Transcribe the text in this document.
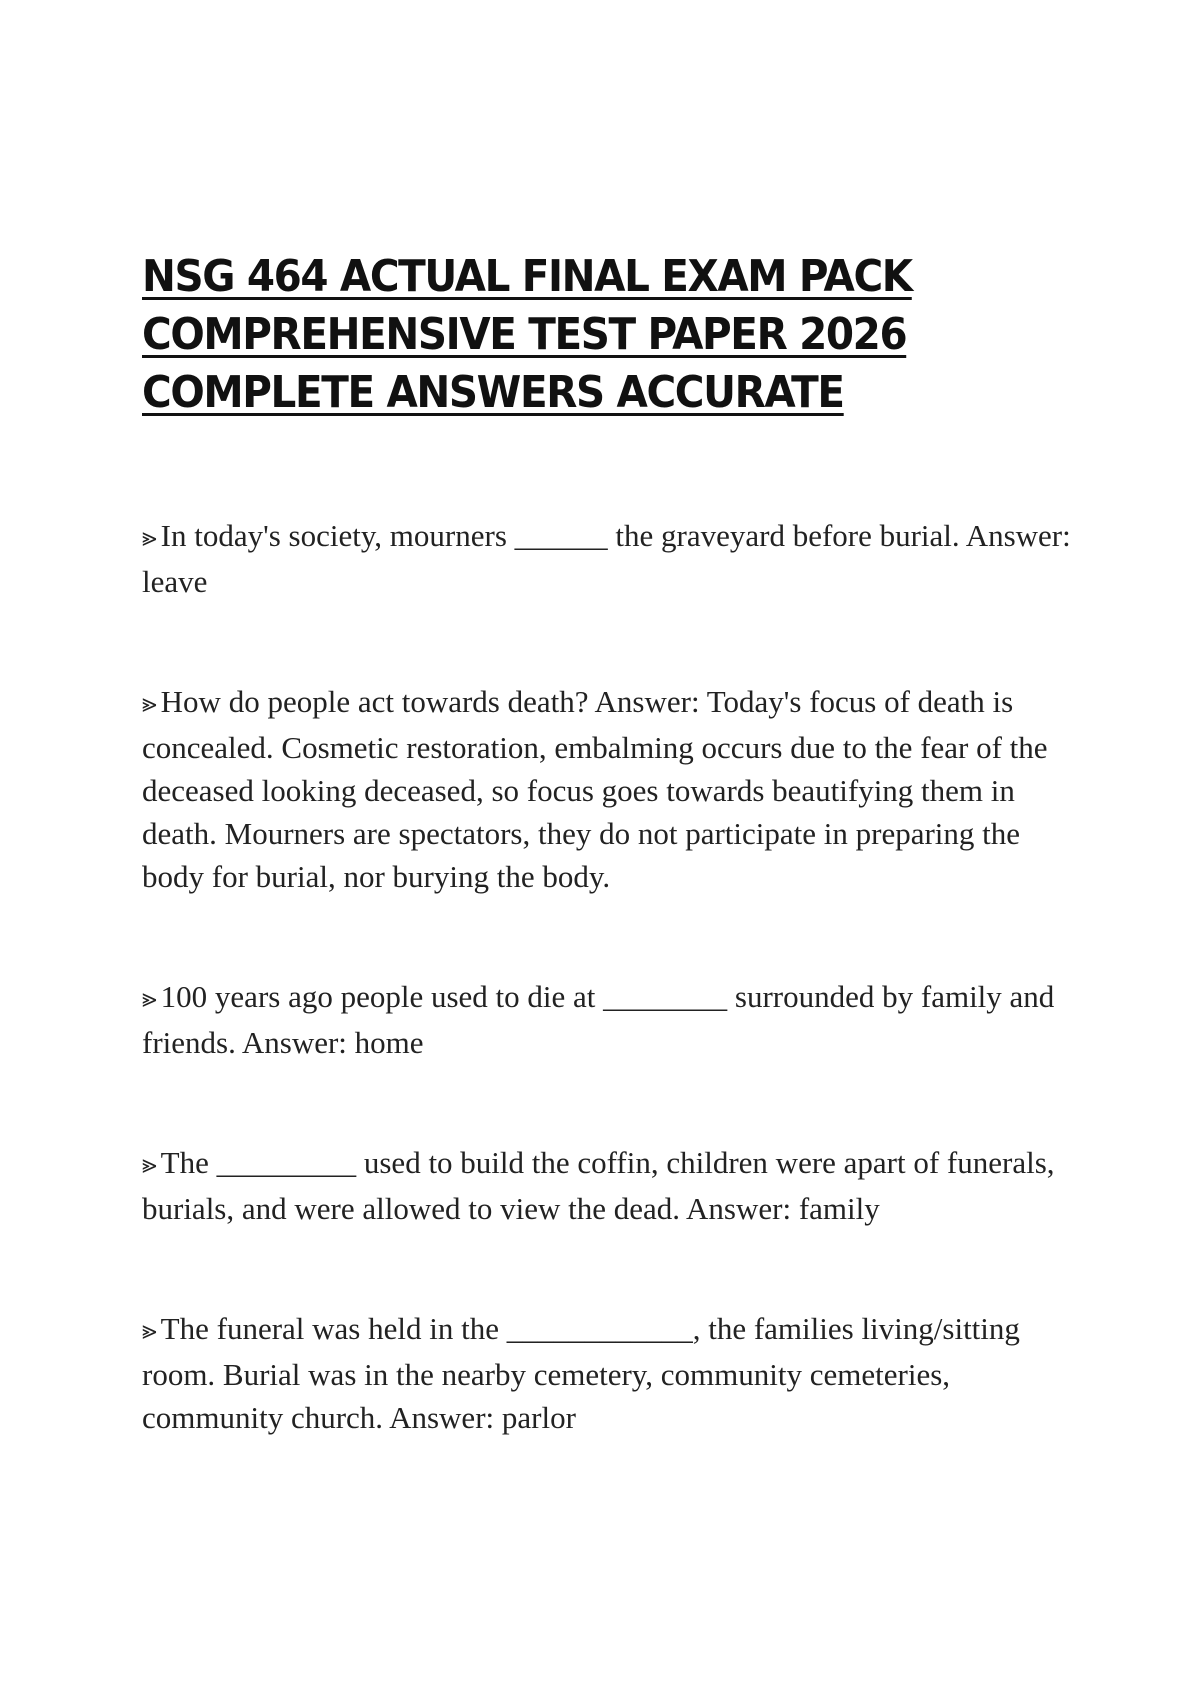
NSG 464 ACTUAL FINAL EXAM PACK
COMPREHENSIVE TEST PAPER 2026
COMPLETE ANSWERS ACCURATE

⪢ In today's society, mourners ______ the graveyard before burial. Answer: leave

⪢ How do people act towards death? Answer: Today's focus of death is concealed. Cosmetic restoration, embalming occurs due to the fear of the deceased looking deceased, so focus goes towards beautifying them in death. Mourners are spectators, they do not participate in preparing the body for burial, nor burying the body.

⪢ 100 years ago people used to die at ________ surrounded by family and friends. Answer: home

⪢ The _________ used to build the coffin, children were apart of funerals, burials, and were allowed to view the dead. Answer: family

⪢ The funeral was held in the ____________, the families living/sitting room. Burial was in the nearby cemetery, community cemeteries, community church. Answer: parlor
